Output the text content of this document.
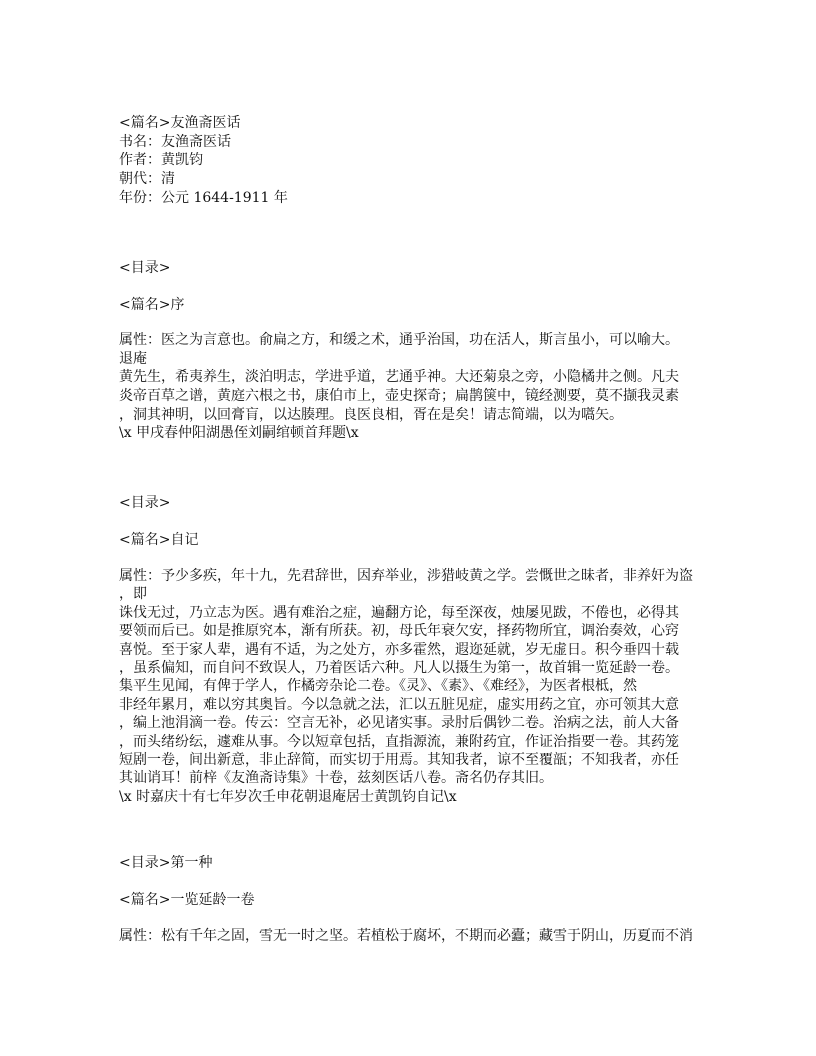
<篇名>友渔斋医话
书名：友渔斋医话
作者：黄凯钧
朝代：清
年份：公元 1644-1911 年
<目录>
<篇名>序
属性：医之为言意也。俞扁之方，和缓之术，通乎治国，功在活人，斯言虽小，可以喻大。
退庵
黄先生，希夷养生，淡泊明志，学进乎道，艺通乎神。大还菊泉之旁，小隐橘井之侧。凡夫
炎帝百草之谱，黄庭六根之书，康伯市上，壶史探奇；扁鹊箧中，镜经测要，莫不撷我灵素
，洞其神明，以回膏肓，以达腠理。良医良相，胥在是矣！请志简端，以为嚆矢。
\x 甲戌春仲阳湖愚侄刘嗣绾顿首拜题\x
<目录>
<篇名>自记
属性：予少多疾，年十九，先君辞世，因弃举业，涉猎岐黄之学。尝慨世之昧者，非养奸为盗
，即
诛伐无过，乃立志为医。遇有难治之症，遍翻方论，每至深夜，烛屡见跋，不倦也，必得其
要领而后已。如是推原究本，渐有所获。初，母氏年衰欠安，择药物所宜，调治奏效，心窍
喜悦。至于家人辈，遇有不适，为之处方，亦多霍然，遐迩延就，岁无虚日。积今垂四十载
，虽系偏知，而自问不致误人，乃着医话六种。凡人以摄生为第一，故首辑一览延龄一卷。
集平生见闻，有俾于学人，作橘旁杂论二卷。《灵》、《素》、《难经》，为医者根柢，然
非经年累月，难以穷其奥旨。今以急就之法，汇以五脏见症，虚实用药之宜，亦可领其大意
，编上池涓滴一卷。传云：空言无补，必见诸实事。录肘后偶钞二卷。治病之法，前人大备
，而头绪纷纭，遽难从事。今以短章包括，直指源流，兼附药宜，作证治指要一卷。其药笼
短剧一卷，间出新意，非止辞简，而实切于用焉。其知我者，谅不至覆瓿；不知我者，亦任
其讪诮耳！前梓《友渔斋诗集》十卷，兹刻医话八卷。斋名仍存其旧。
\x 时嘉庆十有七年岁次壬申花朝退庵居士黄凯钧自记\x
<目录>第一种
<篇名>一览延龄一卷
属性：松有千年之固，雪无一时之坚。若植松于腐坏，不期而必蠹；藏雪于阴山，历夏而不消
